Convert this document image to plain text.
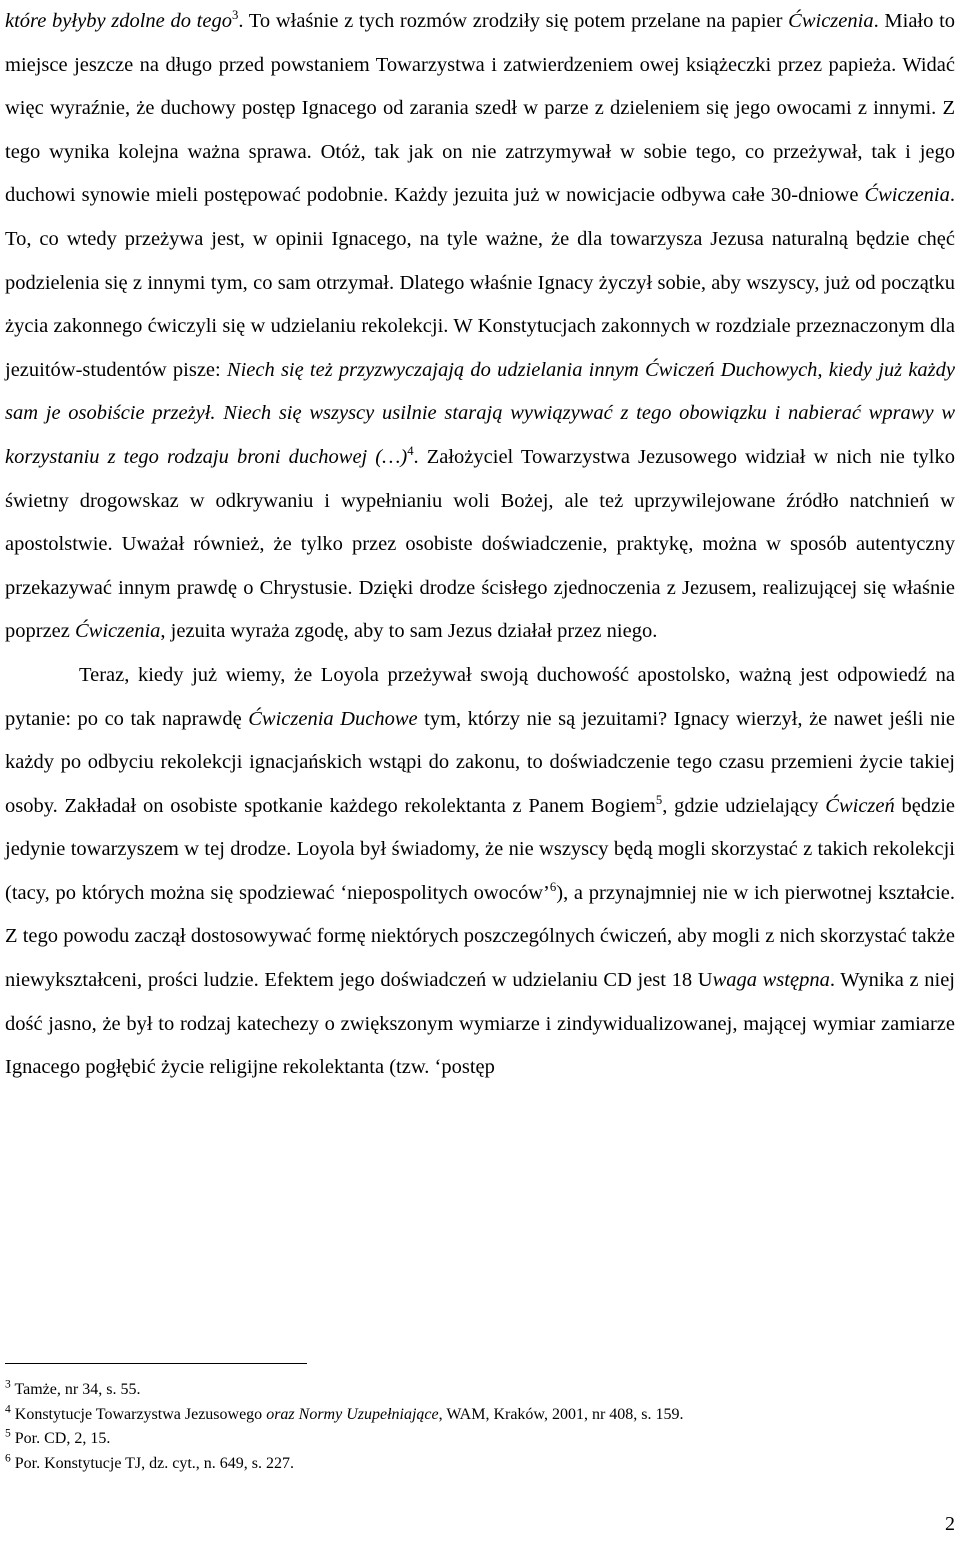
które byłyby zdolne do tego$^3$. To właśnie z tych rozmów zrodziły się potem przelane na papier Ćwiczenia. Miało to miejsce jeszcze na długo przed powstaniem Towarzystwa i zatwierdzeniem owej książeczki przez papieża. Widać więc wyraźnie, że duchowy postęp Ignacego od zarania szedł w parze z dzieleniem się jego owocami z innymi. Z tego wynika kolejna ważna sprawa. Otóż, tak jak on nie zatrzymywał w sobie tego, co przeżywał, tak i jego duchowi synowie mieli postępować podobnie. Każdy jezuita już w nowicjacie odbywa całe 30-dniowe Ćwiczenia. To, co wtedy przeżywa jest, w opinii Ignacego, na tyle ważne, że dla towarzysza Jezusa naturalną będzie chęć podzielenia się z innymi tym, co sam otrzymał. Dlatego właśnie Ignacy życzył sobie, aby wszyscy, już od początku życia zakonnego ćwiczyli się w udzielaniu rekolekcji. W Konstytucjach zakonnych w rozdziale przeznaczonym dla jezuitów-studentów pisze: Niech się też przyzwyczajają do udzielania innym Ćwiczeń Duchowych, kiedy już każdy sam je osobiście przeżył. Niech się wszyscy usilnie starają wywiązywać z tego obowiązku i nabierać wprawy w korzystaniu z tego rodzaju broni duchowej (…)$^4$. Założyciel Towarzystwa Jezusowego widział w nich nie tylko świetny drogowskaz w odkrywaniu i wypełnianiu woli Bożej, ale też uprzywilejowane źródło natchnień w apostolstwie. Uważał również, że tylko przez osobiste doświadczenie, praktykę, można w sposób autentyczny przekazywać innym prawdę o Chrystusie. Dzięki drodze ścisłego zjednoczenia z Jezusem, realizującej się właśnie poprzez Ćwiczenia, jezuita wyraża zgodę, aby to sam Jezus działał przez niego.

Teraz, kiedy już wiemy, że Loyola przeżywał swoją duchowość apostolsko, ważną jest odpowiedź na pytanie: po co tak naprawdę Ćwiczenia Duchowe tym, którzy nie są jezuitami? Ignacy wierzył, że nawet jeśli nie każdy po odbyciu rekolekcji ignacjańskich wstąpi do zakonu, to doświadczenie tego czasu przemieni życie takiej osoby. Zakładał on osobiste spotkanie każdego rekolektanta z Panem Bogiem$^5$, gdzie udzielający Ćwiczeń będzie jedynie towarzyszem w tej drodze. Loyola był świadomy, że nie wszyscy będą mogli skorzystać z takich rekolekcji (tacy, po których można się spodziewać ‘niepospolitych owoców’$^6$), a przynajmniej nie w ich pierwotnej kształcie. Z tego powodu zaczął dostosowywać formę niektórych poszczególnych ćwiczeń, aby mogli z nich skorzystać także niewykształceni, prości ludzie. Efektem jego doświadczeń w udzielaniu CD jest 18 Uwaga wstępna. Wynika z niej dość jasno, że był to rodzaj katechezy o zwiększonym wymiarze i zindywidualizowanej, mającej wymiar zamiarze Ignacego pogłębić życie religijne rekolektanta (tzw. ‘postęp

$^3$ Tamże, nr 34, s. 55.

$^4$ Konstytucje Towarzystwa Jezusowego oraz Normy Uzupełniające, WAM, Kraków, 2001, nr 408, s. 159.

$^5$ Por. CD, 2, 15.

$^6$ Por. Konstytucje TJ, dz. cyt., n. 649, s. 227.

2
